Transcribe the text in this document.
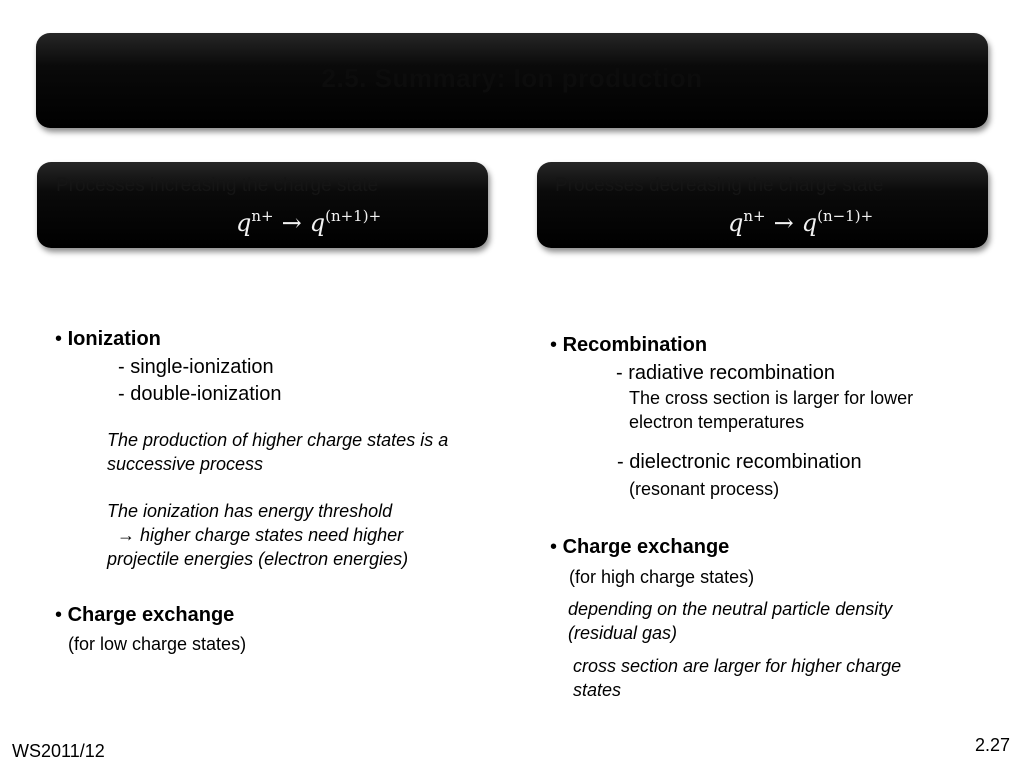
2.5. Summary: Ion production
Processes increasing the charge state
$q^{n+} \to q^{(n+1)+}$
Processes decreasing the charge state
$q^{n+} \to q^{(n-1)+}$
• Ionization
- single-ionization
- double-ionization
The production of higher charge states is a
successive process
The ionization has energy threshold
→ higher charge states need higher
projectile energies (electron energies)
• Charge exchange
(for low charge states)
• Recombination
- radiative recombination
The cross section is larger for lower
electron temperatures
- dielectronic recombination
(resonant process)
• Charge exchange
(for high charge states)
depending on the neutral particle density
(residual gas)
cross section are larger for higher charge
states
WS2011/12	2.27
